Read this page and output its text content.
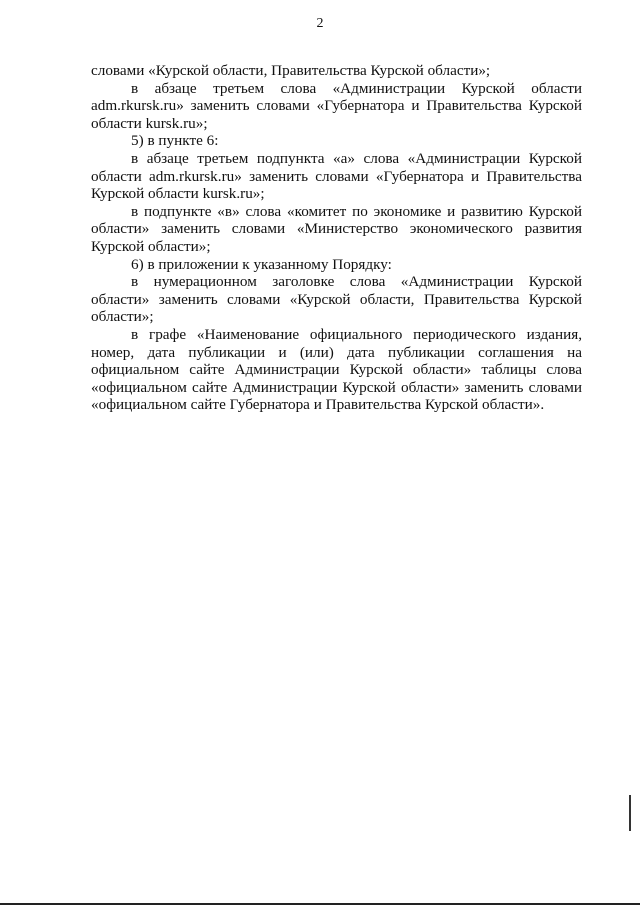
2

словами «Курской области, Правительства Курской области»;

в абзаце третьем слова «Администрации Курской области adm.rkursk.ru» заменить словами «Губернатора и Правительства Курской области kursk.ru»;

5) в пункте 6:

в абзаце третьем подпункта «а» слова «Администрации Курской области adm.rkursk.ru» заменить словами «Губернатора и Правительства Курской области kursk.ru»;

в подпункте «в» слова «комитет по экономике и развитию Курской области» заменить словами «Министерство экономического развития Курской области»;

6) в приложении к указанному Порядку:

в нумерационном заголовке слова «Администрации Курской области» заменить словами «Курской области, Правительства Курской области»;

в графе «Наименование официального периодического издания, номер, дата публикации и (или) дата публикации соглашения на официальном сайте Администрации Курской области» таблицы слова «официальном сайте Администрации Курской области» заменить словами «официальном сайте Губернатора и Правительства Курской области».
